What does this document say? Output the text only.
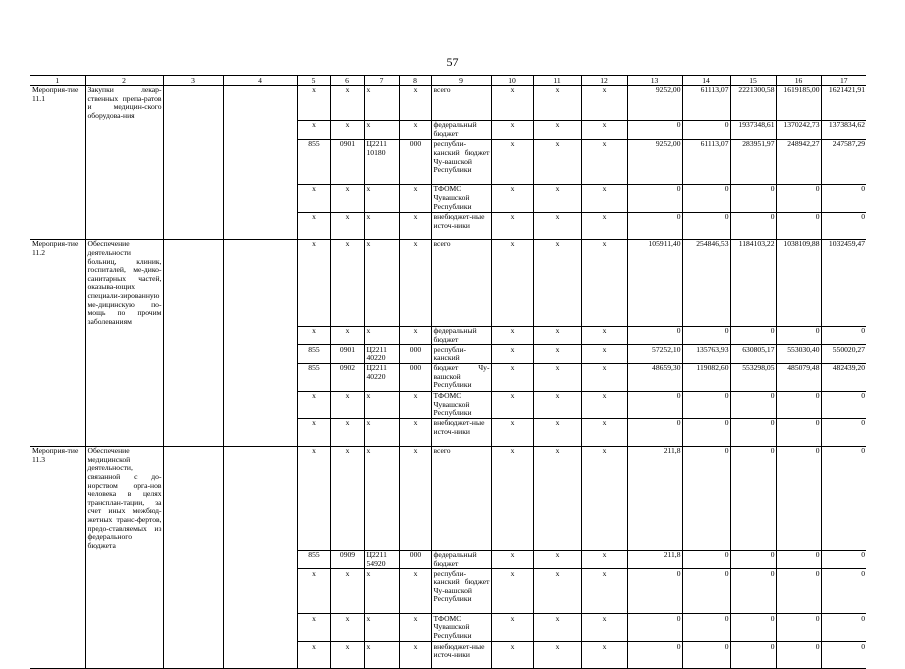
57
1	2	3	4	5	6	7	8	9	10	11	12	13	14	15	16	17
Мероприя-тие 11.1	Закупки лекар-ственных препа-ратов и медицин-ского оборудова-ния			x	x	x	x	всего	x	x	x	9252,00	61113,07	2221300,58	1619185,00	1621421,91
				x	x	x	x	федеральный бюджет	x	x	x	0	0	1937348,61	1370242,73	1373834,62
				855	0901	Ц2211 10180	000	республи-канский бюджет Чу-вашской Республики	x	x	x	9252,00	61113,07	283951,97	248942,27	247587,29
				x	x	x	x	ТФОМС Чувашской Республики	x	x	x	0	0	0	0	0
				x	x	x	x	внебюджет-ные источ-ники	x	x	x	0	0	0	0	0
Мероприя-тие 11.2	Обеспечение деятельности больниц, клиник, госпиталей, ме-дико-санитарных частей, оказыва-ющих специали-зированную ме-дицинскую по-мощь по прочим заболеваниям			x	x	x	x	всего	x	x	x	105911,40	254846,53	1184103,22	1038109,88	1032459,47
				x	x	x	x	федеральный бюджет	x	x	x	0	0	0	0	0
				855	0901	Ц2211 40220	000	республи-канский	x	x	x	57252,10	135763,93	630805,17	553030,40	550020,27
				855	0902	Ц2211 40220	000	бюджет Чу-вашской Республики	x	x	x	48659,30	119082,60	553298,05	485079,48	482439,20
				x	x	x	x	ТФОМС Чувашской Республики	x	x	x	0	0	0	0	0
				x	x	x	x	внебюджет-ные источ-ники	x	x	x	0	0	0	0	0
Мероприя-тие 11.3	Обеспечение медицинской деятельности, связанной с до-норством орга-нов человека в целях трансплан-тации, за счет иных межбюд-жетных транс-фертов, предо-ставляемых из федерального бюджета			x	x	x	x	всего	x	x	x	211,8	0	0	0	0
				855	0909	Ц2211 54920	000	федеральный бюджет	x	x	x	211,8	0	0	0	0
				x	x	x	x	республи-канский бюджет Чу-вашской Республики	x	x	x	0	0	0	0	0
				x	x	x	x	ТФОМС Чувашской Республики	x	x	x	0	0	0	0	0
				x	x	x	x	внебюджет-ные источ-ники	x	x	x	0	0	0	0	0
